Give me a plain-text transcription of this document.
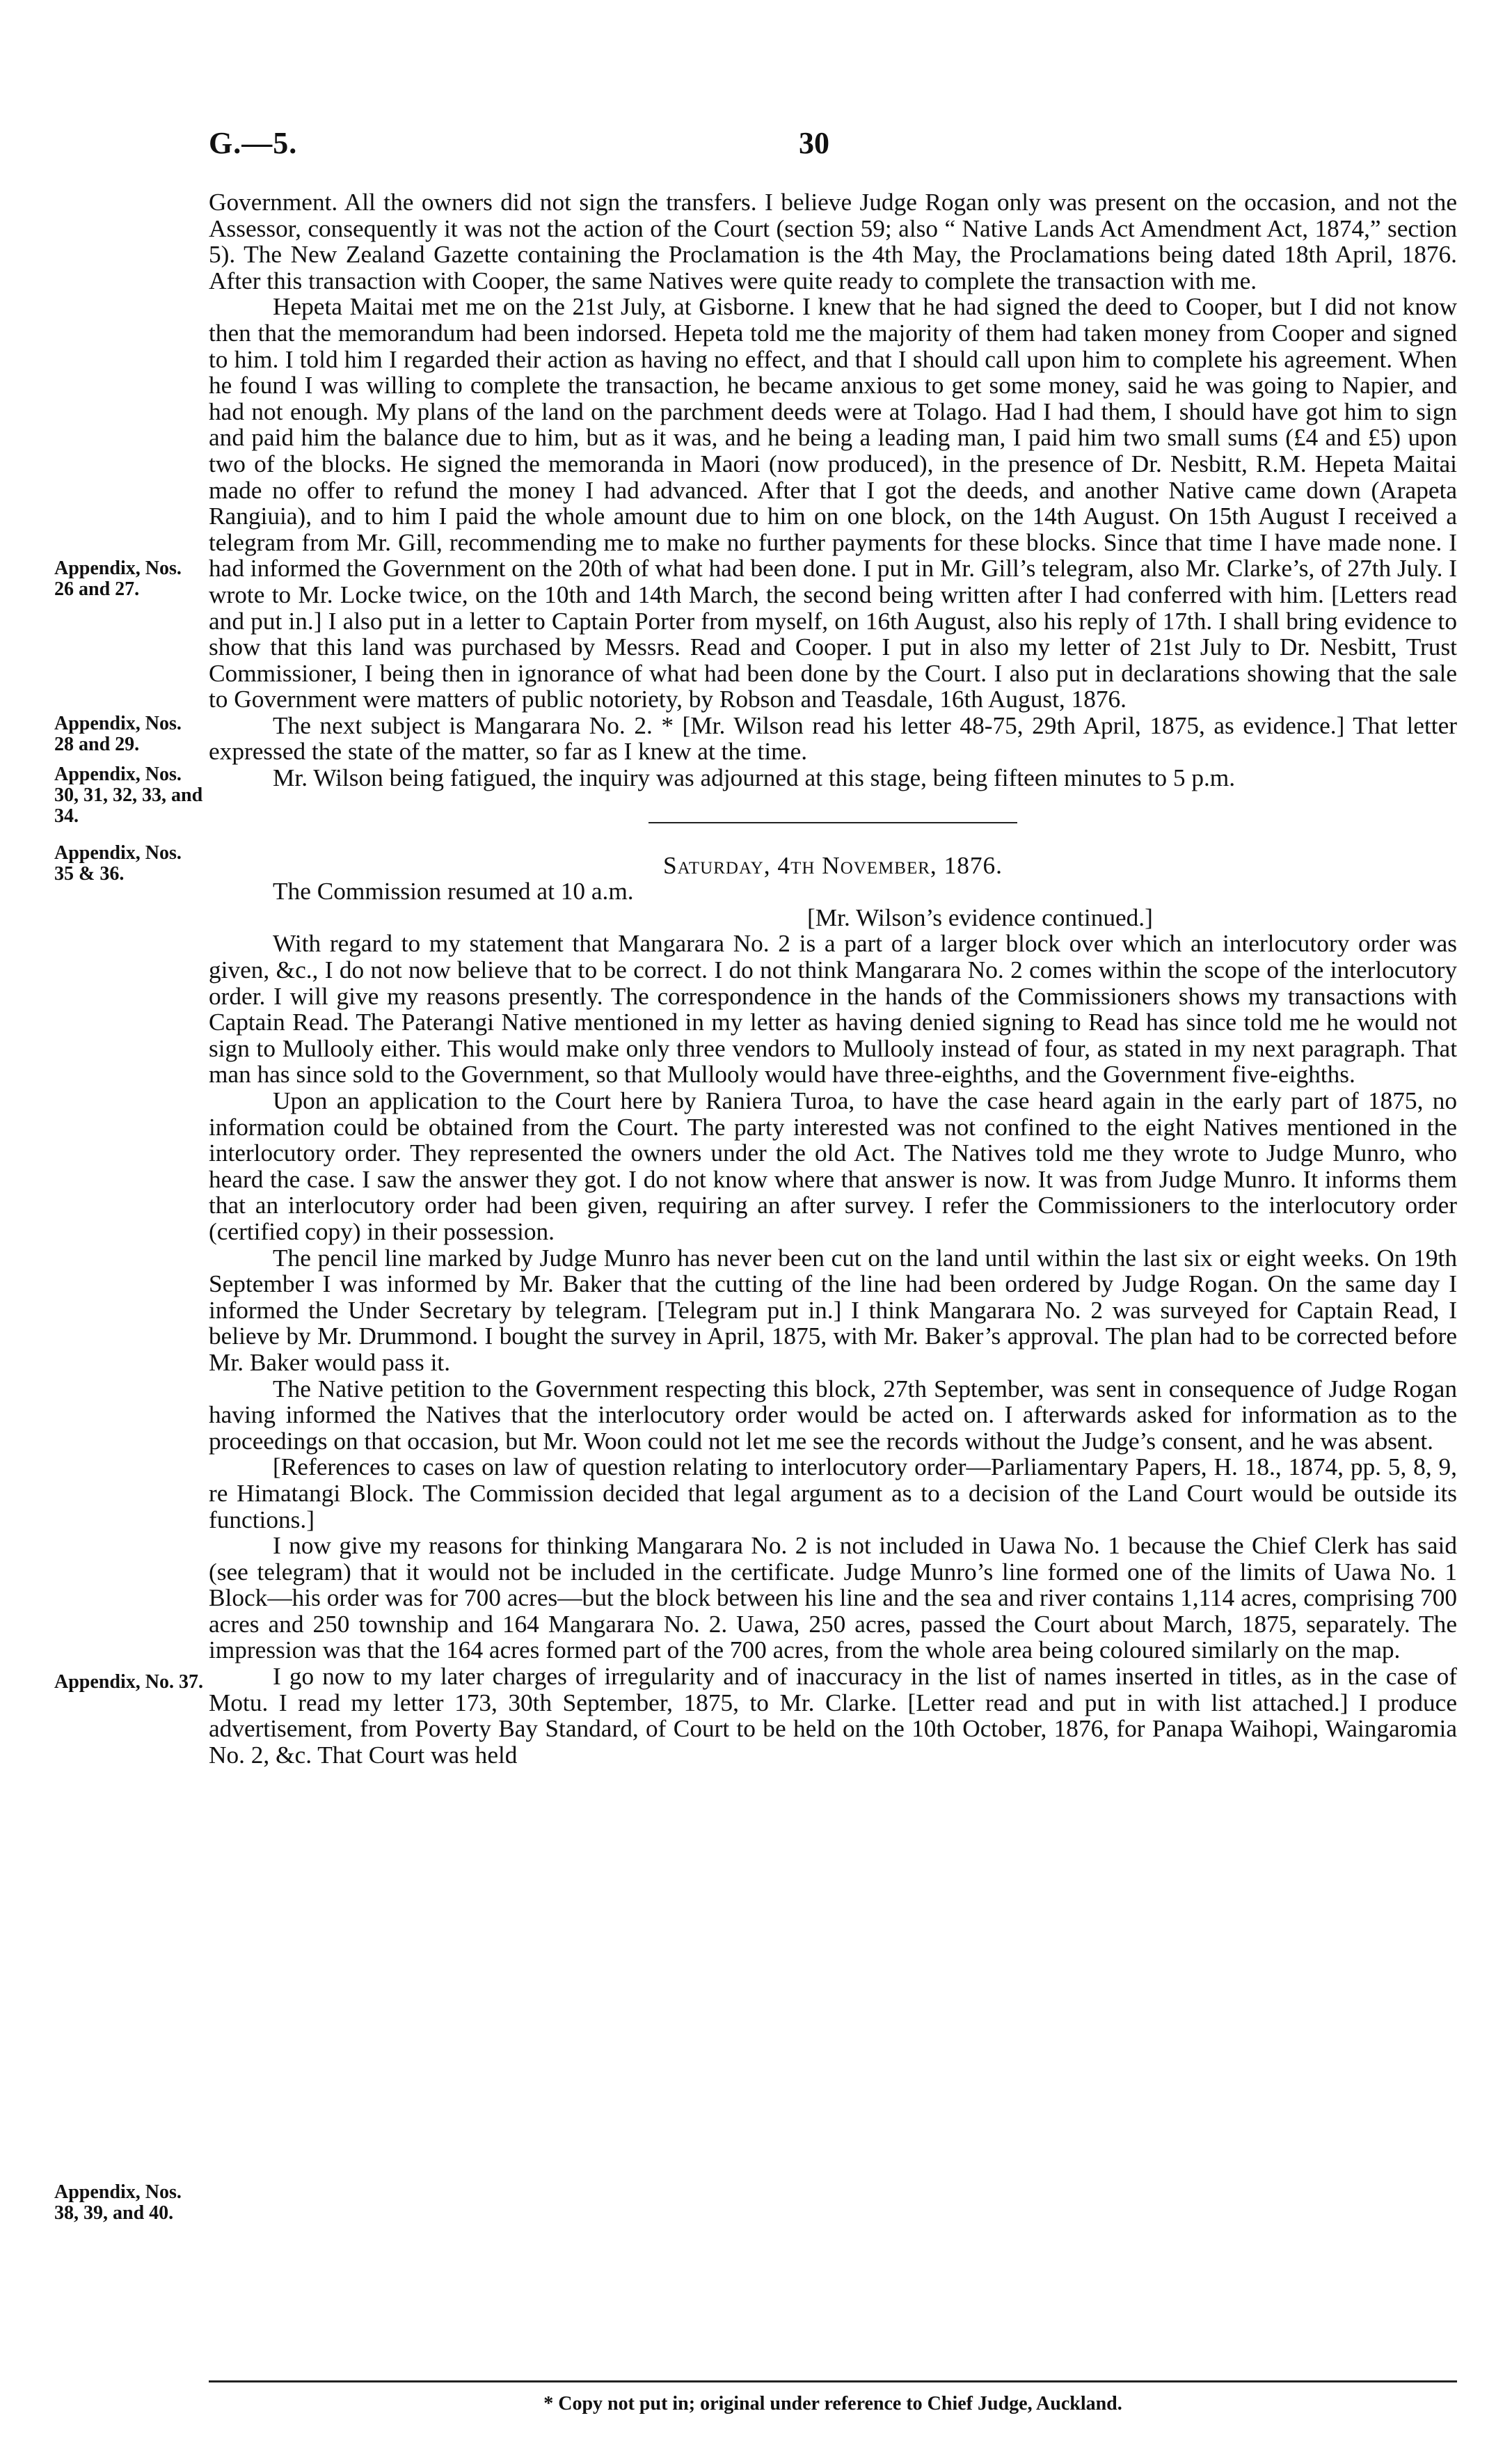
G.—5.	30
Appendix, Nos. 26 and 27.
Appendix, Nos. 28 and 29.
Appendix, Nos. 30, 31, 32, 33, and 34.
Appendix, Nos. 35 & 36.
Appendix, No. 37.
Appendix, Nos. 38, 39, and 40.

Government. All the owners did not sign the transfers. I believe Judge Rogan only was present on the occasion, and not the Assessor, consequently it was not the action of the Court (section 59; also “ Native Lands Act Amendment Act, 1874,” section 5). The New Zealand Gazette containing the Proclamation is the 4th May, the Proclamations being dated 18th April, 1876. After this transaction with Cooper, the same Natives were quite ready to complete the transaction with me.

Hepeta Maitai met me on the 21st July, at Gisborne. I knew that he had signed the deed to Cooper, but I did not know then that the memorandum had been indorsed. Hepeta told me the majority of them had taken money from Cooper and signed to him. I told him I regarded their action as having no effect, and that I should call upon him to complete his agreement. When he found I was willing to complete the transaction, he became anxious to get some money, said he was going to Napier, and had not enough. My plans of the land on the parchment deeds were at Tolago. Had I had them, I should have got him to sign and paid him the balance due to him, but as it was, and he being a leading man, I paid him two small sums (£4 and £5) upon two of the blocks. He signed the memoranda in Maori (now produced), in the presence of Dr. Nesbitt, R.M. Hepeta Maitai made no offer to refund the money I had advanced. After that I got the deeds, and another Native came down (Arapeta Rangiuia), and to him I paid the whole amount due to him on one block, on the 14th August. On 15th August I received a telegram from Mr. Gill, recommending me to make no further payments for these blocks. Since that time I have made none. I had informed the Government on the 20th of what had been done. I put in Mr. Gill’s telegram, also Mr. Clarke’s, of 27th July. I wrote to Mr. Locke twice, on the 10th and 14th March, the second being written after I had conferred with him. [Letters read and put in.] I also put in a letter to Captain Porter from myself, on 16th August, also his reply of 17th. I shall bring evidence to show that this land was purchased by Messrs. Read and Cooper. I put in also my letter of 21st July to Dr. Nesbitt, Trust Commissioner, I being then in ignorance of what had been done by the Court. I also put in declarations showing that the sale to Government were matters of public notoriety, by Robson and Teasdale, 16th August, 1876.

The next subject is Mangarara No. 2. * [Mr. Wilson read his letter 48-75, 29th April, 1875, as evidence.] That letter expressed the state of the matter, so far as I knew at the time.

Mr. Wilson being fatigued, the inquiry was adjourned at this stage, being fifteen minutes to 5 p.m.

Saturday, 4th November, 1876.

The Commission resumed at 10 a.m.

[Mr. Wilson’s evidence continued.]

With regard to my statement that Mangarara No. 2 is a part of a larger block over which an interlocutory order was given, &c., I do not now believe that to be correct. I do not think Mangarara No. 2 comes within the scope of the interlocutory order. I will give my reasons presently. The correspondence in the hands of the Commissioners shows my transactions with Captain Read. The Paterangi Native mentioned in my letter as having denied signing to Read has since told me he would not sign to Mullooly either. This would make only three vendors to Mullooly instead of four, as stated in my next paragraph. That man has since sold to the Government, so that Mullooly would have three-eighths, and the Government five-eighths.

Upon an application to the Court here by Raniera Turoa, to have the case heard again in the early part of 1875, no information could be obtained from the Court. The party interested was not confined to the eight Natives mentioned in the interlocutory order. They represented the owners under the old Act. The Natives told me they wrote to Judge Munro, who heard the case. I saw the answer they got. I do not know where that answer is now. It was from Judge Munro. It informs them that an interlocutory order had been given, requiring an after survey. I refer the Commissioners to the interlocutory order (certified copy) in their possession.

The pencil line marked by Judge Munro has never been cut on the land until within the last six or eight weeks. On 19th September I was informed by Mr. Baker that the cutting of the line had been ordered by Judge Rogan. On the same day I informed the Under Secretary by telegram. [Telegram put in.] I think Mangarara No. 2 was surveyed for Captain Read, I believe by Mr. Drummond. I bought the survey in April, 1875, with Mr. Baker’s approval. The plan had to be corrected before Mr. Baker would pass it.

The Native petition to the Government respecting this block, 27th September, was sent in consequence of Judge Rogan having informed the Natives that the interlocutory order would be acted on. I afterwards asked for information as to the proceedings on that occasion, but Mr. Woon could not let me see the records without the Judge’s consent, and he was absent.

[References to cases on law of question relating to interlocutory order—Parliamentary Papers, H. 18., 1874, pp. 5, 8, 9, re Himatangi Block. The Commission decided that legal argument as to a decision of the Land Court would be outside its functions.]

I now give my reasons for thinking Mangarara No. 2 is not included in Uawa No. 1 because the Chief Clerk has said (see telegram) that it would not be included in the certificate. Judge Munro’s line formed one of the limits of Uawa No. 1 Block—his order was for 700 acres—but the block between his line and the sea and river contains 1,114 acres, comprising 700 acres and 250 township and 164 Mangarara No. 2. Uawa, 250 acres, passed the Court about March, 1875, separately. The impression was that the 164 acres formed part of the 700 acres, from the whole area being coloured similarly on the map.

I go now to my later charges of irregularity and of inaccuracy in the list of names inserted in titles, as in the case of Motu. I read my letter 173, 30th September, 1875, to Mr. Clarke. [Letter read and put in with list attached.] I produce advertisement, from Poverty Bay Standard, of Court to be held on the 10th October, 1876, for Panapa Waihopi, Waingaromia No. 2, &c. That Court was held

* Copy not put in; original under reference to Chief Judge, Auckland.
